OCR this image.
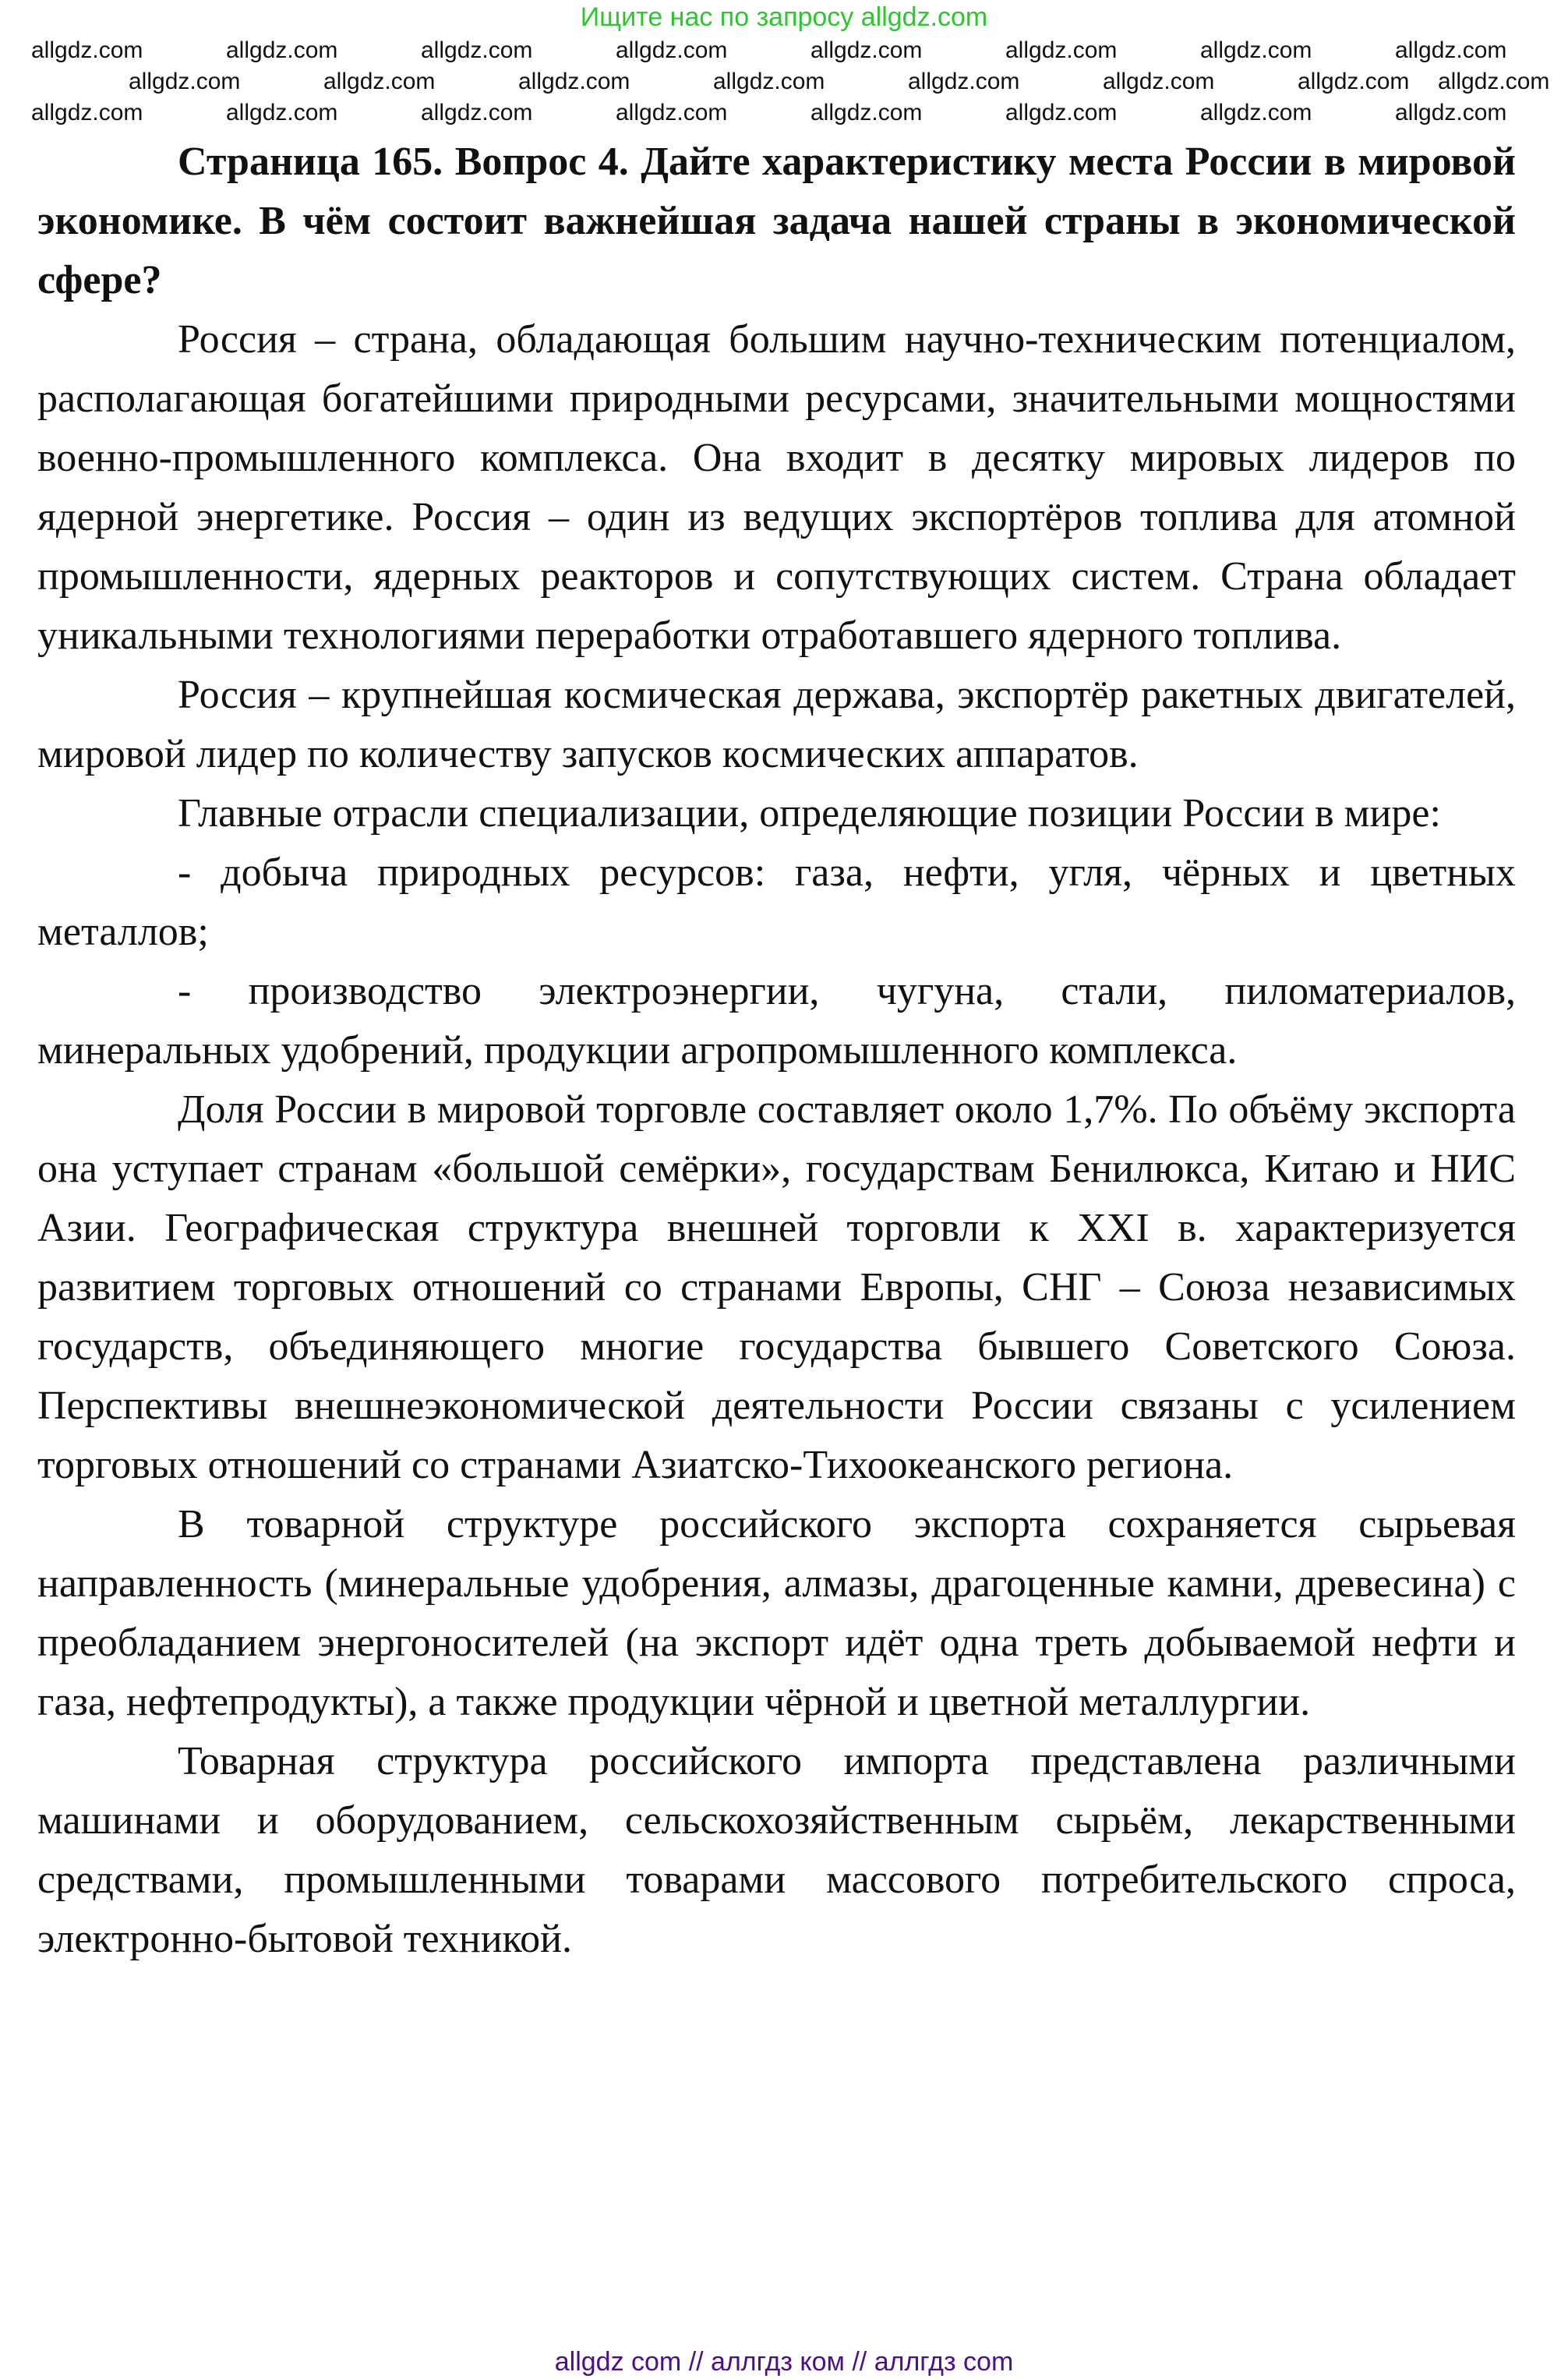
Ищите нас по запросу allgdz.com
allgdz.com	allgdz.com	allgdz.com	allgdz.com	allgdz.com	allgdz.com	allgdz.com	allgdz.com
allgdz.com	allgdz.com	allgdz.com	allgdz.com	allgdz.com	allgdz.com	allgdz.com allgdz.com
allgdz.com	allgdz.com	allgdz.com	allgdz.com	allgdz.com	allgdz.com	allgdz.com	allgdz.com

Страница 165. Вопрос 4. Дайте характеристику места России в мировой экономике. В чём состоит важнейшая задача нашей страны в экономической сфере?

Россия – страна, обладающая большим научно-техническим потенциалом, располагающая богатейшими природными ресурсами, значительными мощностями военно-промышленного комплекса. Она входит в десятку мировых лидеров по ядерной энергетике. Россия – один из ведущих экспортёров топлива для атомной промышленности, ядерных реакторов и сопутствующих систем. Страна обладает уникальными технологиями переработки отработавшего ядерного топлива.

Россия – крупнейшая космическая держава, экспортёр ракетных двигателей, мировой лидер по количеству запусков космических аппаратов.

Главные отрасли специализации, определяющие позиции России в мире:

- добыча природных ресурсов: газа, нефти, угля, чёрных и цветных металлов;

- производство электроэнергии, чугуна, стали, пиломатериалов, минеральных удобрений, продукции агропромышленного комплекса.

Доля России в мировой торговле составляет около 1,7%. По объёму экспорта она уступает странам «большой семёрки», государствам Бенилюкса, Китаю и НИС Азии. Географическая структура внешней торговли к XXI в. характеризуется развитием торговых отношений со странами Европы, СНГ – Союза независимых государств, объединяющего многие государства бывшего Советского Союза. Перспективы внешнеэкономической деятельности России связаны с усилением торговых отношений со странами Азиатско-Тихоокеанского региона.

В товарной структуре российского экспорта сохраняется сырьевая направленность (минеральные удобрения, алмазы, драгоценные камни, древесина) с преобладанием энергоносителей (на экспорт идёт одна треть добываемой нефти и газа, нефтепродукты), а также продукции чёрной и цветной металлургии.

Товарная структура российского импорта представлена различными машинами и оборудованием, сельскохозяйственным сырьём, лекарственными средствами, промышленными товарами массового потребительского спроса, электронно-бытовой техникой.

allgdz com // аллгдз ком // аллгдз com
